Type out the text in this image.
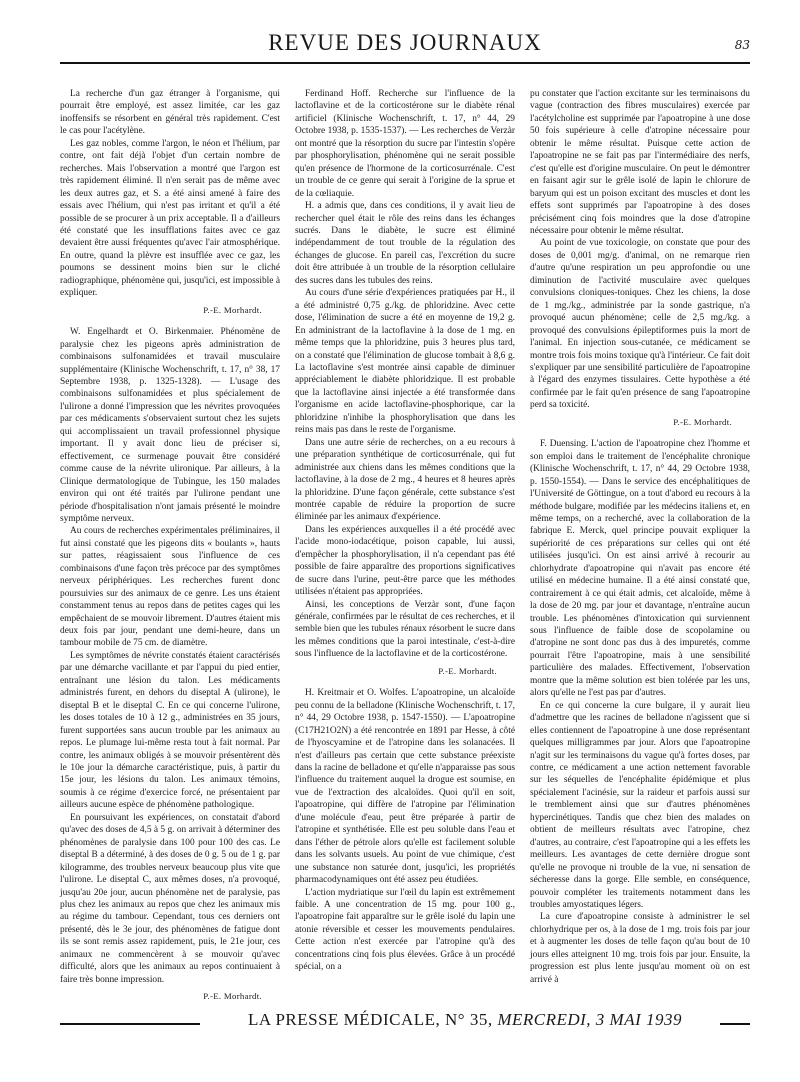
REVUE DES JOURNAUX	83

La recherche d'un gaz étranger à l'organisme, qui pourrait être employé, est assez limitée, car les gaz inoffensifs se résorbent en général très rapidement. C'est le cas pour l'acétylène.

Les gaz nobles, comme l'argon, le néon et l'hélium, par contre, ont fait déjà l'objet d'un certain nombre de recherches. Mais l'observation a montré que l'argon est très rapidement éliminé. Il n'en serait pas de même avec les deux autres gaz, et S. a été ainsi amené à faire des essais avec l'hélium, qui n'est pas irritant et qu'il a été possible de se procurer à un prix acceptable. Il a d'ailleurs été constaté que les insufflations faites avec ce gaz devaient être aussi fréquentes qu'avec l'air atmosphérique. En outre, quand la plèvre est insufflée avec ce gaz, les poumons se dessinent moins bien sur le cliché radiographique, phénomène qui, jusqu'ici, est impossible à expliquer.

P.-E. Morhardt.

W. Engelhardt et O. Birkenmaier. Phénomène de paralysie chez les pigeons après administration de combinaisons sulfonamidées et travail musculaire supplémentaire (Klinische Wochenschrift, t. 17, n° 38, 17 Septembre 1938, p. 1325-1328). — L'usage des combinaisons sulfonamidées et plus spécialement de l'ulirone a donné l'impression que les névrites provoquées par ces médicaments s'observaient surtout chez les sujets qui accomplissaient un travail professionnel physique important. Il y avait donc lieu de préciser si, effectivement, ce surmenage pouvait être considéré comme cause de la névrite ulironique. Par ailleurs, à la Clinique dermatologique de Tubingue, les 150 malades environ qui ont été traités par l'ulirone pendant une période d'hospitalisation n'ont jamais présenté le moindre symptôme nerveux.

Au cours de recherches expérimentales préliminaires, il fut ainsi constaté que les pigeons dits « boulants », hauts sur pattes, réagissaient sous l'influence de ces combinaisons d'une façon très précoce par des symptômes nerveux périphériques. Les recherches furent donc poursuivies sur des animaux de ce genre. Les uns étaient constamment tenus au repos dans de petites cages qui les empêchaient de se mouvoir librement. D'autres étaient mis deux fois par jour, pendant une demi-heure, dans un tambour mobile de 75 cm. de diamètre.

Les symptômes de névrite constatés étaient caractérisés par une démarche vacillante et par l'appui du pied entier, entraînant une lésion du talon. Les médicaments administrés furent, en dehors du diseptal A (ulirone), le diseptal B et le diseptal C. En ce qui concerne l'ulirone, les doses totales de 10 à 12 g., administrées en 35 jours, furent supportées sans aucun trouble par les animaux au repos. Le plumage lui-même resta tout à fait normal. Par contre, les animaux obligés à se mouvoir présentèrent dès le 10e jour la démarche caractéristique, puis, à partir du 15e jour, les lésions du talon. Les animaux témoins, soumis à ce régime d'exercice forcé, ne présentaient par ailleurs aucune espèce de phénomène pathologique.

En poursuivant les expériences, on constatait d'abord qu'avec des doses de 4,5 à 5 g. on arrivait à déterminer des phénomènes de paralysie dans 100 pour 100 des cas. Le diseptal B a déterminé, à des doses de 0 g. 5 ou de 1 g. par kilogramme, des troubles nerveux beaucoup plus vite que l'ulirone. Le diseptal C, aux mêmes doses, n'a provoqué, jusqu'au 20e jour, aucun phénomène net de paralysie, pas plus chez les animaux au repos que chez les animaux mis au régime du tambour. Cependant, tous ces derniers ont présenté, dès le 3e jour, des phénomènes de fatigue dont ils se sont remis assez rapidement, puis, le 21e jour, ces animaux ne commencèrent à se mouvoir qu'avec difficulté, alors que les animaux au repos continuaient à faire très bonne impression.

P.-E. Morhardt.

Ferdinand Hoff. Recherche sur l'influence de la lactoflavine et de la corticostérone sur le diabète rénal artificiel (Klinische Wochenschrift, t. 17, n° 44, 29 Octobre 1938, p. 1535-1537). — Les recherches de Verzàr ont montré que la résorption du sucre par l'intestin s'opère par phosphorylisation, phénomène qui ne serait possible qu'en présence de l'hormone de la corticosurrénale. C'est un trouble de ce genre qui serait à l'origine de la sprue et de la cœliaquie.

H. a admis que, dans ces conditions, il y avait lieu de rechercher quel était le rôle des reins dans les échanges sucrés. Dans le diabète, le sucre est éliminé indépendamment de tout trouble de la régulation des échanges de glucose. En pareil cas, l'excrétion du sucre doit être attribuée à un trouble de la résorption cellulaire des sucres dans les tubules des reins.

Au cours d'une série d'expériences pratiquées par H., il a été administré 0,75 g./kg. de phloridzine. Avec cette dose, l'élimination de sucre a été en moyenne de 19,2 g. En administrant de la lactoflavine à la dose de 1 mg. en même temps que la phloridzine, puis 3 heures plus tard, on a constaté que l'élimination de glucose tombait à 8,6 g. La lactoflavine s'est montrée ainsi capable de diminuer appréciablement le diabète phloridzique. Il est probable que la lactoflavine ainsi injectée a été transformée dans l'organisme en acide lactoflavine-phosphorique, car la phloridzine n'inhibe la phosphorylisation que dans les reins mais pas dans le reste de l'organisme.

Dans une autre série de recherches, on a eu recours à une préparation synthétique de corticosurrénale, qui fut administrée aux chiens dans les mêmes conditions que la lactoflavine, à la dose de 2 mg., 4 heures et 8 heures après la phloridzine. D'une façon générale, cette substance s'est montrée capable de réduire la proportion de sucre éliminée par les animaux d'expérience.

Dans les expériences auxquelles il a été procédé avec l'acide mono-iodacétique, poison capable, lui aussi, d'empêcher la phosphorylisation, il n'a cependant pas été possible de faire apparaître des proportions significatives de sucre dans l'urine, peut-être parce que les méthodes utilisées n'étaient pas appropriées.

Ainsi, les conceptions de Verzàr sont, d'une façon générale, confirmées par le résultat de ces recherches, et il semble bien que les tubules rénaux résorbent le sucre dans les mêmes conditions que la paroi intestinale, c'est-à-dire sous l'influence de la lactoflavine et de la corticostérone.

P.-E. Morhardt.

H. Kreitmair et O. Wolfes. L'apoatropine, un alcaloïde peu connu de la belladone (Klinische Wochenschrift, t. 17, n° 44, 29 Octobre 1938, p. 1547-1550). — L'apoatropine (C17H21O2N) a été rencontrée en 1891 par Hesse, à côté de l'hyoscyamine et de l'atropine dans les solanacées. Il n'est d'ailleurs pas certain que cette substance préexiste dans la racine de belladone et qu'elle n'apparaisse pas sous l'influence du traitement auquel la drogue est soumise, en vue de l'extraction des alcaloïdes. Quoi qu'il en soit, l'apoatropine, qui diffère de l'atropine par l'élimination d'une molécule d'eau, peut être préparée à partir de l'atropine et synthétisée. Elle est peu soluble dans l'eau et dans l'éther de pétrole alors qu'elle est facilement soluble dans les solvants usuels. Au point de vue chimique, c'est une substance non saturée dont, jusqu'ici, les propriétés pharmacodynamiques ont été assez peu étudiées.

L'action mydriatique sur l'œil du lapin est extrêmement faible. A une concentration de 15 mg. pour 100 g., l'apoatropine fait apparaître sur le grêle isolé du lapin une atonie réversible et cesser les mouvements pendulaires. Cette action n'est exercée par l'atropine qu'à des concentrations cinq fois plus élevées. Grâce à un procédé spécial, on a

pu constater que l'action excitante sur les terminaisons du vague (contraction des fibres musculaires) exercée par l'acétylcholine est supprimée par l'apoatropine à une dose 50 fois supérieure à celle d'atropine nécessaire pour obtenir le même résultat. Puisque cette action de l'apoatropine ne se fait pas par l'intermédiaire des nerfs, c'est qu'elle est d'origine musculaire. On peut le démontrer en faisant agir sur le grêle isolé de lapin le chlorure de baryum qui est un poison excitant des muscles et dont les effets sont supprimés par l'apoatropine à des doses précisément cinq fois moindres que la dose d'atropine nécessaire pour obtenir le même résultat.

Au point de vue toxicologie, on constate que pour des doses de 0,001 mg/g. d'animal, on ne remarque rien d'autre qu'une respiration un peu approfondie ou une diminution de l'activité musculaire avec quelques convulsions cloniques-toniques. Chez les chiens, la dose de 1 mg./kg., administrée par la sonde gastrique, n'a provoqué aucun phénomène; celle de 2,5 mg./kg. a provoqué des convulsions épileptiformes puis la mort de l'animal. En injection sous-cutanée, ce médicament se montre trois fois moins toxique qu'à l'intérieur. Ce fait doit s'expliquer par une sensibilité particulière de l'apoatropine à l'égard des enzymes tissulaires. Cette hypothèse a été confirmée par le fait qu'en présence de sang l'apoatropine perd sa toxicité.

P.-E. Morhardt.

F. Duensing. L'action de l'apoatropine chez l'homme et son emploi dans le traitement de l'encéphalite chronique (Klinische Wochenschrift, t. 17, n° 44, 29 Octobre 1938, p. 1550-1554). — Dans le service des encéphalitiques de l'Université de Göttingue, on a tout d'abord eu recours à la méthode bulgare, modifiée par les médecins italiens et, en même temps, on a recherché, avec la collaboration de la fabrique E. Merck, quel principe pouvait expliquer la supériorité de ces préparations sur celles qui ont été utilisées jusqu'ici. On est ainsi arrivé à recourir au chlorhydrate d'apoatropine qui n'avait pas encore été utilisé en médecine humaine. Il a été ainsi constaté que, contrairement à ce qui était admis, cet alcaloïde, même à la dose de 20 mg. par jour et davantage, n'entraîne aucun trouble. Les phénomènes d'intoxication qui surviennent sous l'influence de faible dose de scopolamine ou d'atropine ne sont donc pas dus à des impuretés, comme pourrait l'être l'apoatropine, mais à une sensibilité particulière des malades. Effectivement, l'observation montre que la même solution est bien tolérée par les uns, alors qu'elle ne l'est pas par d'autres.

En ce qui concerne la cure bulgare, il y aurait lieu d'admettre que les racines de belladone n'agissent que si elles contiennent de l'apoatropine à une dose représentant quelques milligrammes par jour. Alors que l'apoatropine n'agit sur les terminaisons du vague qu'à fortes doses, par contre, ce médicament a une action nettement favorable sur les séquelles de l'encéphalite épidémique et plus spécialement l'acinésie, sur la raideur et parfois aussi sur le tremblement ainsi que sur d'autres phénomènes hypercinétiques. Tandis que chez bien des malades on obtient de meilleurs résultats avec l'atropine, chez d'autres, au contraire, c'est l'apoatropine qui a les effets les meilleurs. Les avantages de cette dernière drogue sont qu'elle ne provoque ni trouble de la vue, ni sensation de sécheresse dans la gorge. Elle semble, en conséquence, pouvoir compléter les traitements notamment dans les troubles amyostatiques légers.

La cure d'apoatropine consiste à administrer le sel chlorhydrique per os, à la dose de 1 mg. trois fois par jour et à augmenter les doses de telle façon qu'au bout de 10 jours elles atteignent 10 mg. trois fois par jour. Ensuite, la progression est plus lente jusqu'au moment où on est arrivé à

LA PRESSE MÉDICALE, N° 35, MERCREDI, 3 MAI 1939
